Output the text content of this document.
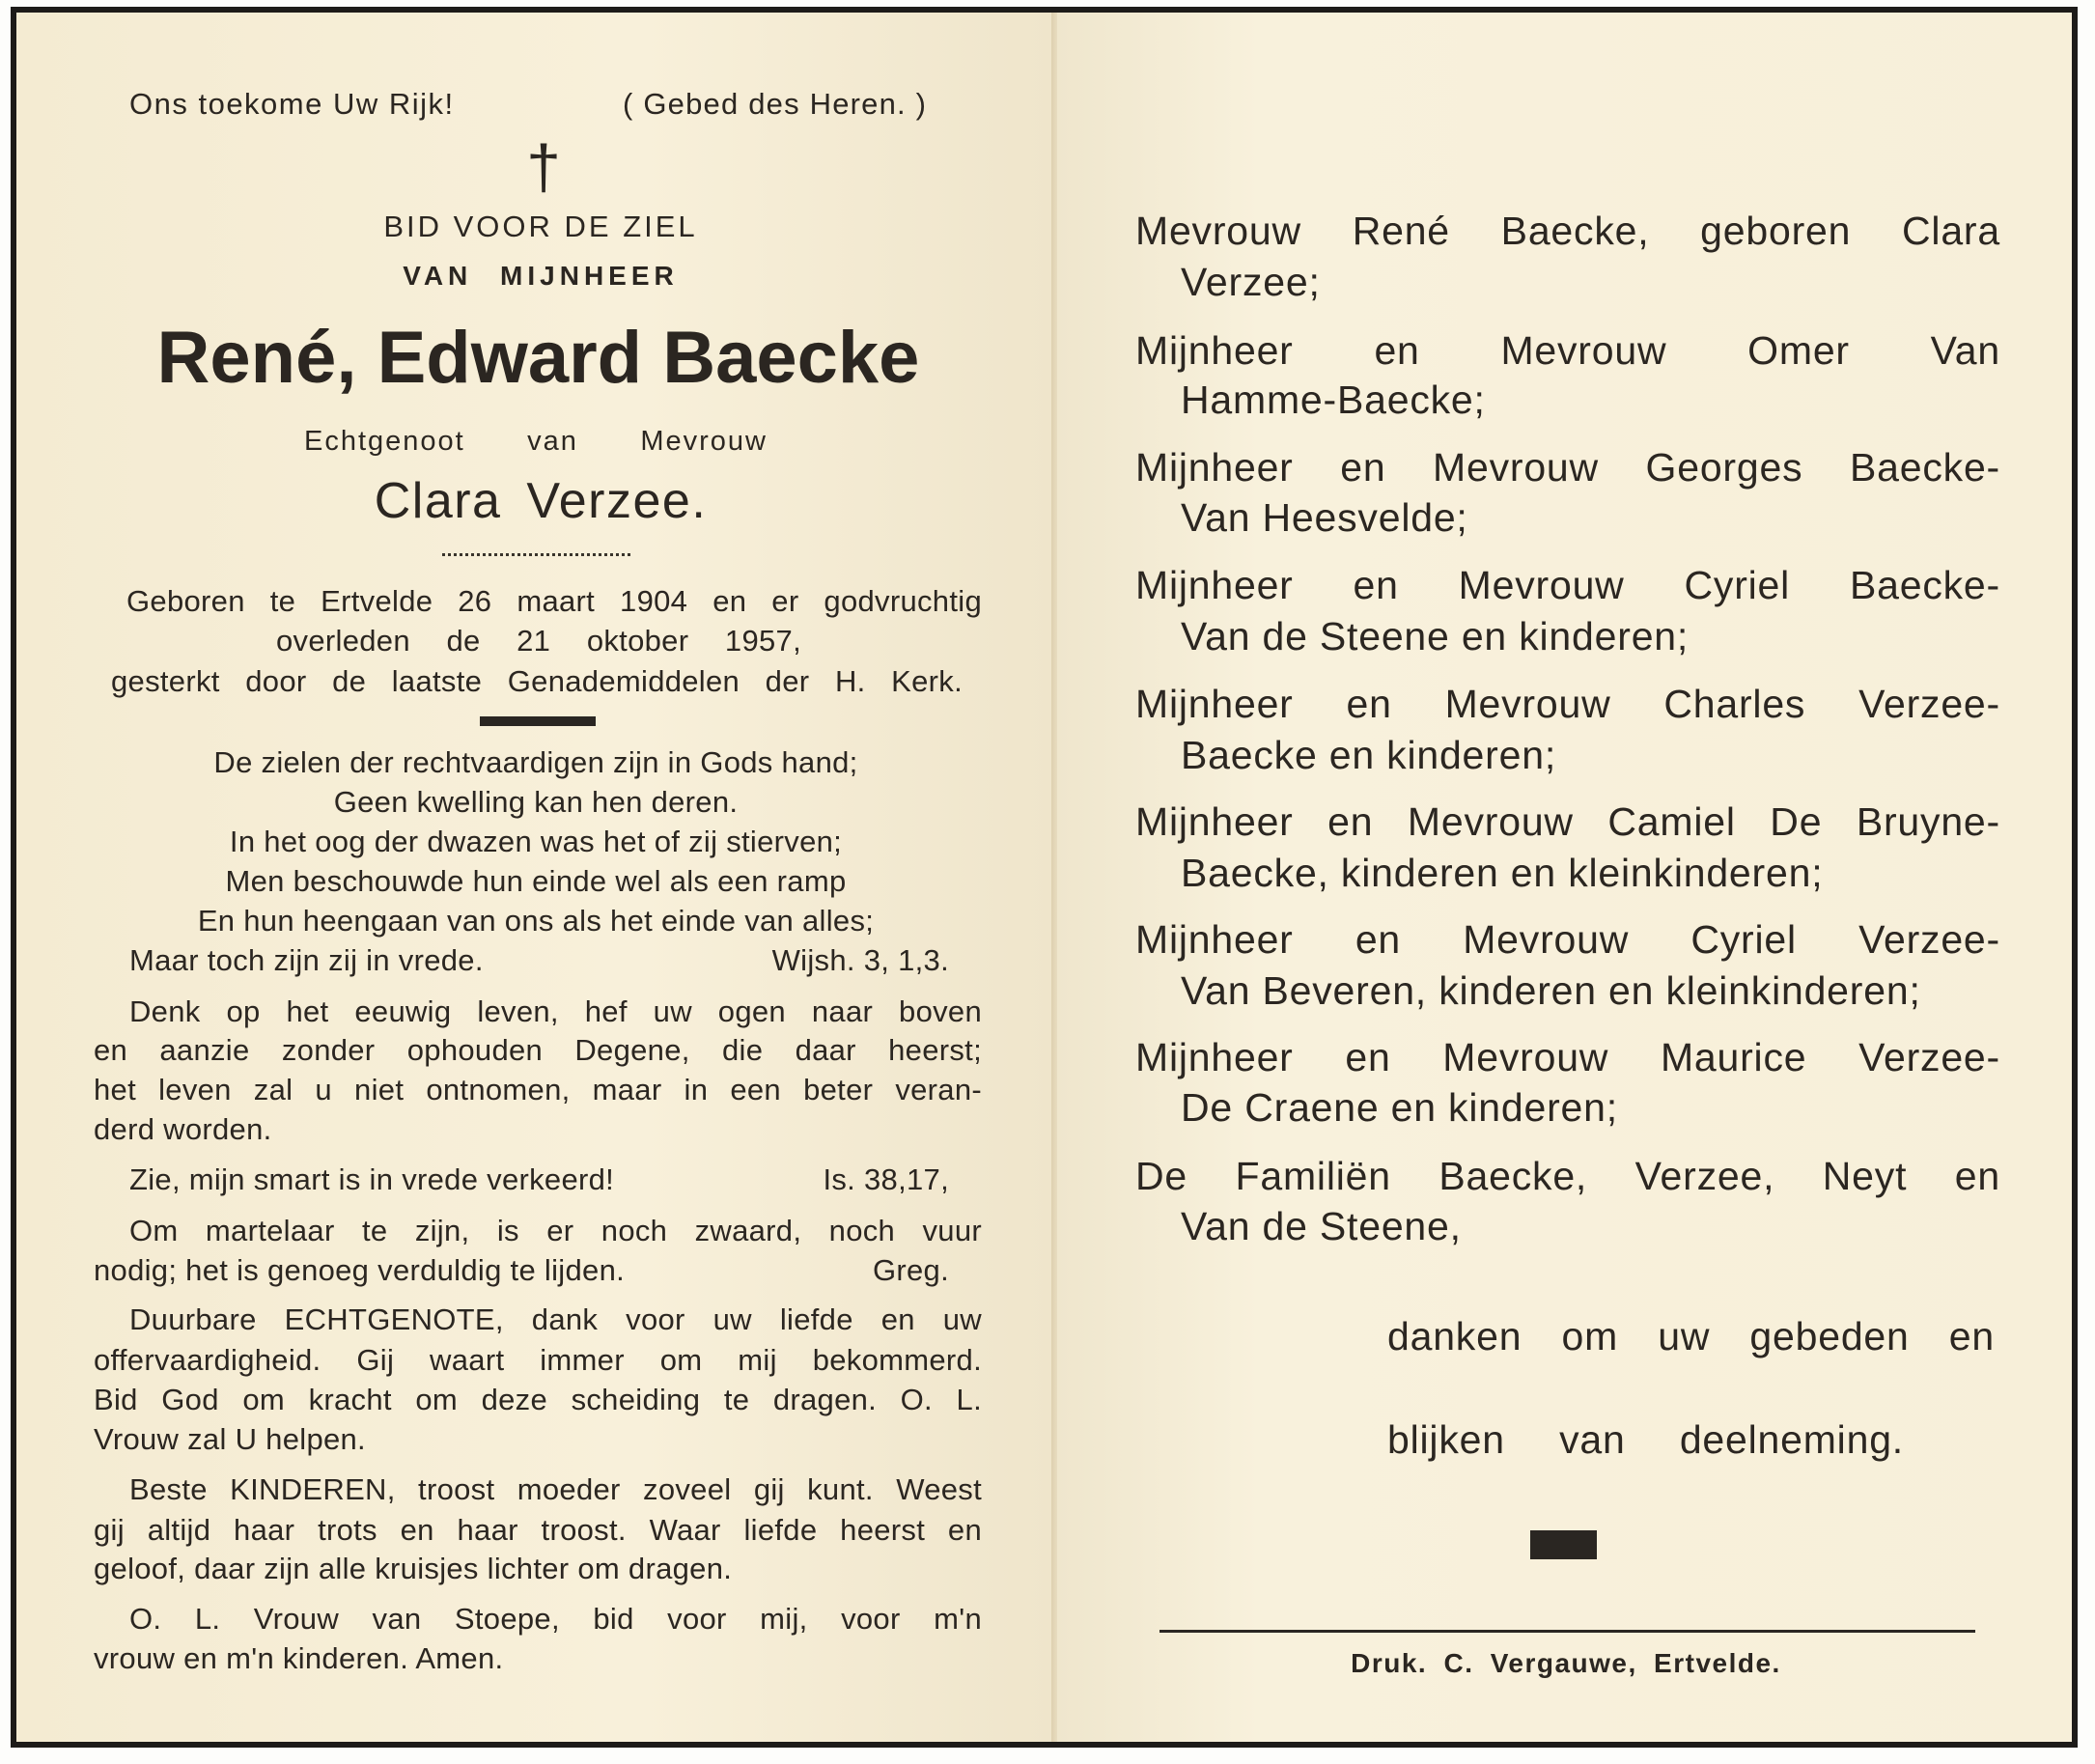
Ons toekome Uw Rijk!	( Gebed des Heren. )
†
BID VOOR DE ZIEL
VAN MIJNHEER
René, Edward Baecke
Echtgenoot van Mevrouw
Clara Verzee.
Geboren te Ertvelde 26 maart 1904 en er godvruchtig
overleden de 21 oktober 1957,
gesterkt door de laatste Genademiddelen der H. Kerk.
De zielen der rechtvaardigen zijn in Gods hand;
Geen kwelling kan hen deren.
In het oog der dwazen was het of zij stierven;
Men beschouwde hun einde wel als een ramp
En hun heengaan van ons als het einde van alles;
Maar toch zijn zij in vrede.	Wijsh. 3, 1,3.
Denk op het eeuwig leven, hef uw ogen naar boven
en aanzie zonder ophouden Degene, die daar heerst;
het leven zal u niet ontnomen, maar in een beter veran-
derd worden.
Zie, mijn smart is in vrede verkeerd!	Is. 38,17,
Om martelaar te zijn, is er noch zwaard, noch vuur
nodig; het is genoeg verduldig te lijden.	Greg.
Duurbare ECHTGENOTE, dank voor uw liefde en uw
offervaardigheid. Gij waart immer om mij bekommerd.
Bid God om kracht om deze scheiding te dragen. O. L.
Vrouw zal U helpen.
Beste KINDEREN, troost moeder zoveel gij kunt. Weest
gij altijd haar trots en haar troost. Waar liefde heerst en
geloof, daar zijn alle kruisjes lichter om dragen.
O. L. Vrouw van Stoepe, bid voor mij, voor m'n
vrouw en m'n kinderen. Amen.
Mevrouw René Baecke, geboren Clara
Verzee;
Mijnheer en Mevrouw Omer Van
Hamme-Baecke;
Mijnheer en Mevrouw Georges Baecke-
Van Heesvelde;
Mijnheer en Mevrouw Cyriel Baecke-
Van de Steene en kinderen;
Mijnheer en Mevrouw Charles Verzee-
Baecke en kinderen;
Mijnheer en Mevrouw Camiel De Bruyne-
Baecke, kinderen en kleinkinderen;
Mijnheer en Mevrouw Cyriel Verzee-
Van Beveren, kinderen en kleinkinderen;
Mijnheer en Mevrouw Maurice Verzee-
De Craene en kinderen;
De Familiën Baecke, Verzee, Neyt en
Van de Steene,
danken om uw gebeden en
blijken van deelneming.
Druk. C. Vergauwe, Ertvelde.
